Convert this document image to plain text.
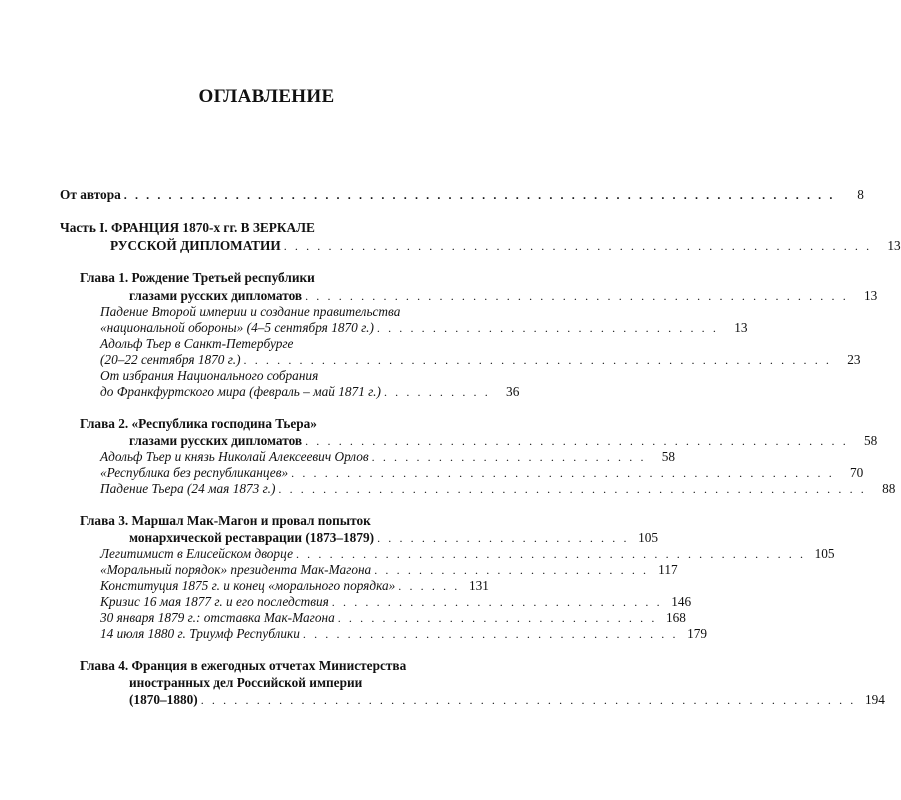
ОГЛАВЛЕНИЕ
От автора . . . . . . . . . . . . . . . . . . . . . . . . . . . . . . . . . . . . . . . . . . . . . . . . . . . . . . . . . . . . . . . .	8
Часть I. ФРАНЦИЯ 1870-х гг. В ЗЕРКАЛЕ
РУССКОЙ ДИПЛОМАТИИ . . . . . . . . . . . . . . . . . . . . . . . . . . . . . . . . . . . . . . . . . . . . . . . . . . . . .	13
Глава 1. Рождение Третьей республики
глазами русских дипломатов . . . . . . . . . . . . . . . . . . . . . . . . . . . . . . . . . . . . . . . . . . . . . . . . .	13
Падение Второй империи и создание правительства
«национальной обороны» (4–5 сентября 1870 г.) . . . . . . . . . . . . . . . . . . . . . . . . . . . . . . .	13
Адольф Тьер в Санкт-Петербурге
(20–22 сентября 1870 г.) . . . . . . . . . . . . . . . . . . . . . . . . . . . . . . . . . . . . . . . . . . . . . . . . . . . . .	23
От избрания Национального собрания
до Франкфуртского мира (февраль – май 1871 г.) . . . . . . . . . .	36
Глава 2. «Республика господина Тьера»
глазами русских дипломатов . . . . . . . . . . . . . . . . . . . . . . . . . . . . . . . . . . . . . . . . . . . . . . . . .	58
Адольф Тьер и князь Николай Алексеевич Орлов . . . . . . . . . . . . . . . . . . . . . . . . .	58
«Республика без республиканцев» . . . . . . . . . . . . . . . . . . . . . . . . . . . . . . . . . . . . . . . . . . . . . . . . .	70
Падение Тьера (24 мая 1873 г.) . . . . . . . . . . . . . . . . . . . . . . . . . . . . . . . . . . . . . . . . . . . . . . . . . . . . .	88
Глава 3. Маршал Мак-Магон и провал попыток
монархической реставрации (1873–1879) . . . . . . . . . . . . . . . . . . . . . . . 105
Легитимист в Елисейском дворце . . . . . . . . . . . . . . . . . . . . . . . . . . . . . . . . . . . . . . . . . . . . . . 105
«Моральный порядок» президента Мак-Магона . . . . . . . . . . . . . . . . . . . . . . . . . 117
Конституция 1875 г. и конец «морального порядка» . . . . . . 131
Кризис 16 мая 1877 г. и его последствия . . . . . . . . . . . . . . . . . . . . . . . . . . . . . . 146
30 января 1879 г.: отставка Мак-Магона . . . . . . . . . . . . . . . . . . . . . . . . . . . . . 168
14 июля 1880 г. Триумф Республики . . . . . . . . . . . . . . . . . . . . . . . . . . . . . . . . . . 179
Глава 4. Франция в ежегодных отчетах Министерства
иностранных дел Российской империи
(1870–1880) . . . . . . . . . . . . . . . . . . . . . . . . . . . . . . . . . . . . . . . . . . . . . . . . . . . . . . . . . . . 194
